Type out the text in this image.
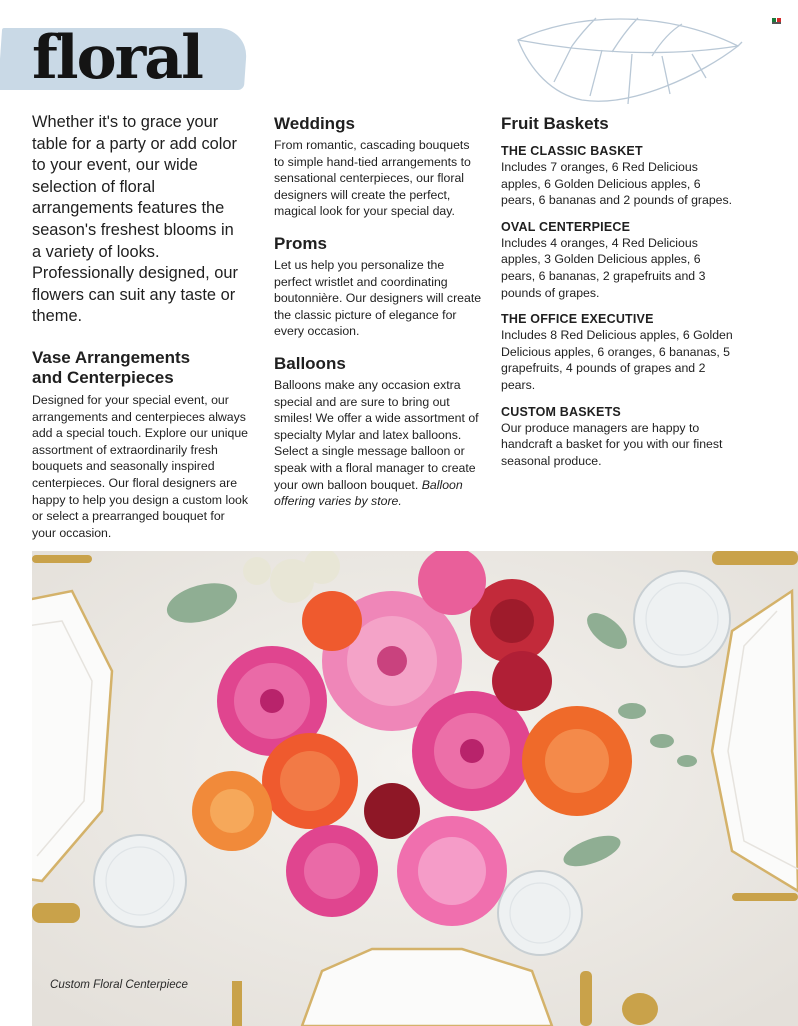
floral

Whether it's to grace your table for a party or add color to your event, our wide selection of floral arrangements features the season's freshest blooms in a variety of looks. Professionally designed, our flowers can suit any taste or theme.

Vase Arrangements
and Centerpieces

Designed for your special event, our arrangements and centerpieces always add a special touch. Explore our unique assortment of extraordinarily fresh bouquets and seasonally inspired centerpieces. Our floral designers are happy to help you design a custom look or select a prearranged bouquet for your occasion.

Weddings

From romantic, cascading bouquets to simple hand-tied arrangements to sensational centerpieces, our floral designers will create the perfect, magical look for your special day.

Proms

Let us help you personalize the perfect wristlet and coordinating boutonnière. Our designers will create the classic picture of elegance for every occasion.

Balloons

Balloons make any occasion extra special and are sure to bring out smiles! We offer a wide assortment of specialty Mylar and latex balloons. Select a single message balloon or speak with a floral manager to create your own balloon bouquet. Balloon offering varies by store.

Fruit Baskets
THE CLASSIC BASKET

Includes 7 oranges, 6 Red Delicious apples, 6 Golden Delicious apples, 6 pears, 6 bananas and 2 pounds of grapes.

OVAL CENTERPIECE

Includes 4 oranges, 4 Red Delicious apples, 3 Golden Delicious apples, 6 pears, 6 bananas, 2 grapefruits and 3 pounds of grapes.

THE OFFICE EXECUTIVE

Includes 8 Red Delicious apples, 6 Golden Delicious apples, 6 oranges, 6 bananas, 5 grapefruits, 4 pounds of grapes and 2 pears.

CUSTOM BASKETS

Our produce managers are happy to handcraft a basket for you with our finest seasonal produce.

Custom Floral Centerpiece
